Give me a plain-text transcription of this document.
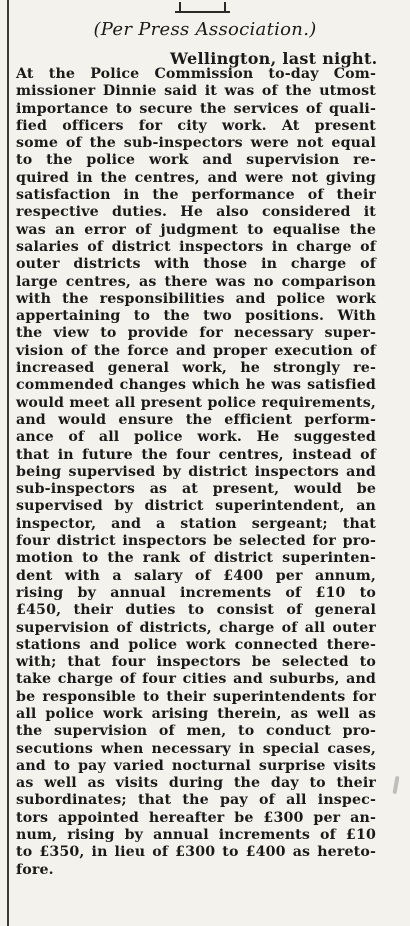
(Per Press Association.)
Wellington, last night.
At the Police Commission to-day Com-
missioner Dinnie said it was of the utmost
importance to secure the services of quali-
fied officers for city work. At present
some of the sub-inspectors were not equal
to the police work and supervision re-
quired in the centres, and were not giving
satisfaction in the performance of their
respective duties. He also considered it
was an error of judgment to equalise the
salaries of district inspectors in charge of
outer districts with those in charge of
large centres, as there was no comparison
with the responsibilities and police work
appertaining to the two positions. With
the view to provide for necessary super-
vision of the force and proper execution of
increased general work, he strongly re-
commended changes which he was satisfied
would meet all present police requirements,
and would ensure the efficient perform-
ance of all police work. He suggested
that in future the four centres, instead of
being supervised by district inspectors and
sub-inspectors as at present, would be
supervised by district superintendent, an
inspector, and a station sergeant; that
four district inspectors be selected for pro-
motion to the rank of district superinten-
dent with a salary of £400 per annum,
rising by annual increments of £10 to
£450, their duties to consist of general
supervision of districts, charge of all outer
stations and police work connected there-
with; that four inspectors be selected to
take charge of four cities and suburbs, and
be responsible to their superintendents for
all police work arising therein, as well as
the supervision of men, to conduct pro-
secutions when necessary in special cases,
and to pay varied nocturnal surprise visits
as well as visits during the day to their
subordinates; that the pay of all inspec-
tors appointed hereafter be £300 per an-
num, rising by annual increments of £10
to £350, in lieu of £300 to £400 as hereto-
fore.
